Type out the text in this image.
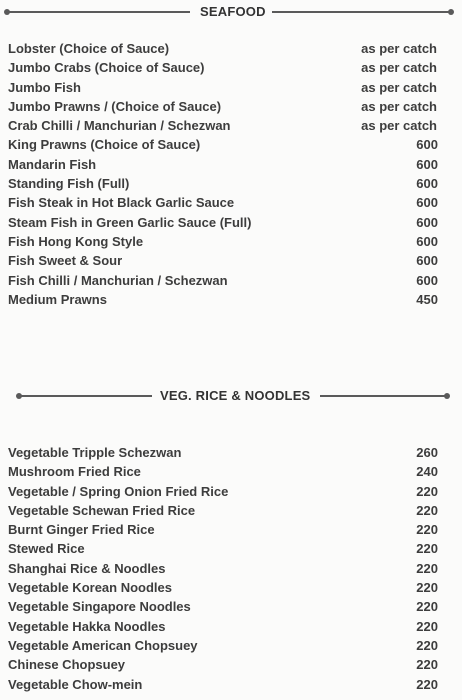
SEAFOOD
Lobster (Choice of Sauce)	as per catch
Jumbo Crabs (Choice of Sauce)	as per catch
Jumbo Fish	as per catch
Jumbo Prawns / (Choice of Sauce)	as per catch
Crab Chilli / Manchurian / Schezwan	as per catch
King Prawns (Choice of Sauce)	600
Mandarin Fish	600
Standing Fish (Full)	600
Fish Steak in Hot Black Garlic Sauce	600
Steam Fish in Green Garlic Sauce (Full)	600
Fish Hong Kong Style	600
Fish Sweet & Sour	600
Fish Chilli / Manchurian / Schezwan	600
Medium Prawns	450
VEG. RICE & NOODLES
Vegetable Tripple Schezwan	260
Mushroom Fried Rice	240
Vegetable / Spring Onion Fried Rice	220
Vegetable Schewan Fried Rice	220
Burnt Ginger Fried Rice	220
Stewed Rice	220
Shanghai Rice & Noodles	220
Vegetable Korean Noodles	220
Vegetable Singapore Noodles	220
Vegetable Hakka Noodles	220
Vegetable American Chopsuey	220
Chinese Chopsuey	220
Vegetable Chow-mein	220
